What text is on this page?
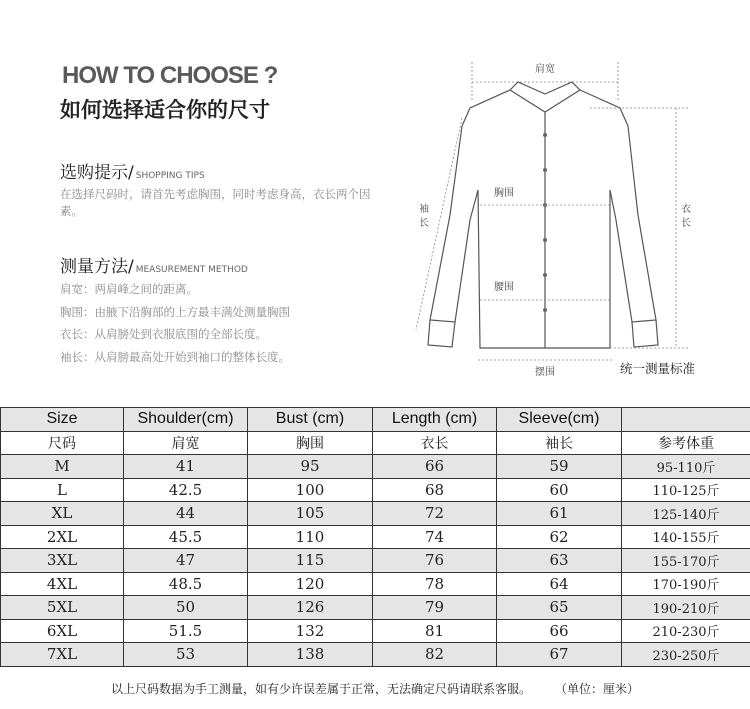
HOW TO CHOOSE ?
如何选择适合你的尺寸
选购提示/ SHOPPING TIPS
在选择尺码时，请首先考虑胸围，同时考虑身高，衣长两个因素。
测量方法/ MEASUREMENT METHOD
肩宽：两肩峰之间的距离。
胸围：由腋下沿胸部的上方最丰满处测量胸围
衣长：从肩膀处到衣服底围的全部长度。
袖长：从肩膀最高处开始到袖口的整体长度。
肩宽
胸围
腰围
摆围
袖
长
衣
长
统一测量标准
Size	Shoulder(cm)	Bust (cm)	Length (cm)	Sleeve(cm)	
尺码	肩宽	胸围	衣长	袖长	参考体重
M	41	95	66	59	95-110斤
L	42.5	100	68	60	110-125斤
XL	44	105	72	61	125-140斤
2XL	45.5	110	74	62	140-155斤
3XL	47	115	76	63	155-170斤
4XL	48.5	120	78	64	170-190斤
5XL	50	126	79	65	190-210斤
6XL	51.5	132	81	66	210-230斤
7XL	53	138	82	67	230-250斤
以上尺码数据为手工测量，如有少许误差属于正常，无法确定尺码请联系客服。	（单位：厘米）
